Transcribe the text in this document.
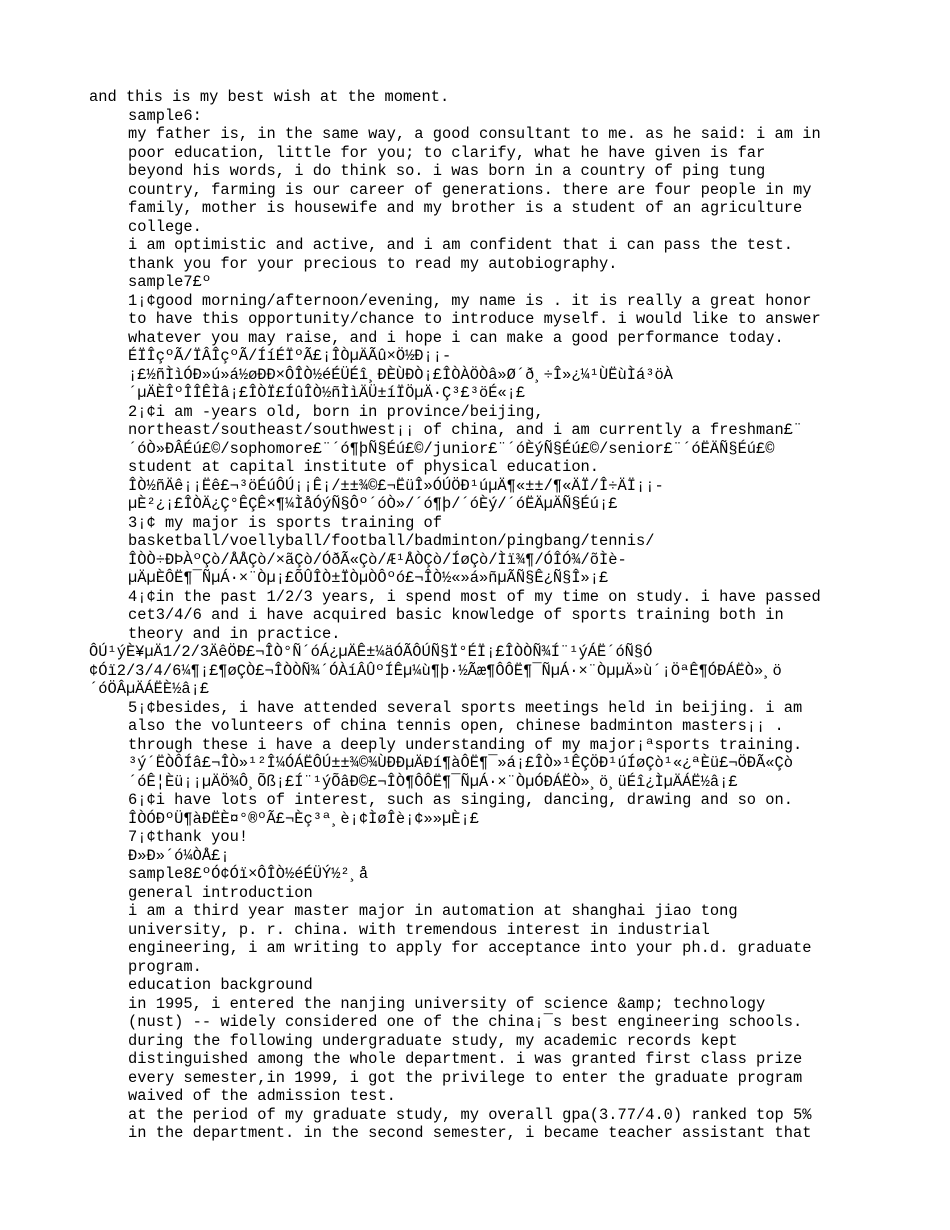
and this is my best wish at the moment.
sample6:
my father is, in the same way, a good consultant to me. as he said: i am in
poor education, little for you; to clarify, what he have given is far
beyond his words, i do think so. i was born in a country of ping tung
country, farming is our career of generations. there are four people in my
family, mother is housewife and my brother is a student of an agriculture
college.
i am optimistic and active, and i am confident that i can pass the test.
thank you for your precious to read my autobiography.
sample7£º
1¡¢good morning/afternoon/evening, my name is . it is really a great honor
to have this opportunity/chance to introduce myself. i would like to answer
whatever you may raise, and i hope i can make a good performance today.
ÉÏÎçºÃ/ÏÂÎçºÃ/ÍíÉÏºÃ£¡ÎÒµÄÃû×Ö½Ð¡¡-
¡£½ñÌìÓÐ»ú»á½øÐÐ×ÔÎÒ½éÉÜÉî¸ÐÈÙÐÒ¡£ÎÒÀÖÒâ»Ø´ð¸÷Î»¿¼¹ÙËùÌá³öÀ
´µÄÈÎºÎÎÊÌâ¡£ÎÒÏ£ÍûÎÒ½ñÌìÄÜ±íÏÖµÄ·Ç³£³öÉ«¡£
2¡¢i am -years old, born in province/beijing,
northeast/southeast/southwest¡¡ of china, and i am currently a freshman£¨
´óÒ»ÐÂÉú£©/sophomore£¨´ó¶þÑ§Éú£©/junior£¨´óÈýÑ§Éú£©/senior£¨´óËÄÑ§Éú£©
student at capital institute of physical education.
ÎÒ½ñÄê¡¡Ëê£¬³öÉúÔÚ¡¡Ê¡/±±¾©£¬ËüÎ»ÓÚÖÐ¹úµÄ¶«±±/¶«ÄÏ/Î÷ÄÏ¡¡-
µÈ²¿¡£ÎÒÄ¿Ç°ÊÇÊ×¶¼ÌåÓýÑ§Ôº´óÒ»/´ó¶þ/´óÈý/´óËÄµÄÑ§Éú¡£
3¡¢ my major is sports training of
basketball/voellyball/football/badminton/pingbang/tennis/
ÎÒÒ÷ÐÞÀºÇò/ÅÅÇò/×ãÇò/ÓðÃ«Çò/Æ¹ÅÒÇò/ÍøÇò/Ìï¾¶/ÓÎÓ¾/õÌè-
µÄµÈÔË¶¯ÑµÁ·×¨Òµ¡£ÕÛÎÒ±ÏÒµÒÔºó£¬ÎÒ½«»á»ñµÃÑ§Ê¿Ñ§Î»¡£
4¡¢in the past 1/2/3 years, i spend most of my time on study. i have passed
cet3/4/6 and i have acquired basic knowledge of sports training both in
theory and in practice.
ÔÚ¹ýÈ¥µÄ1/2/3ÄêÖÐ£¬ÎÒ°Ñ´óÁ¿µÄÊ±¼äÓÃÔÚÑ§Ï°ÉÏ¡£ÎÒÒÑ¾Í¨¹ýÁË´óÑ§Ó
¢Óï2/3/4/6¼¶¡£¶øÇÒ£¬ÎÒÒÑ¾´ÓÀíÂÛºÍÊµ¼ù¶þ·½Ãæ¶ÔÔË¶¯ÑµÁ·×¨ÒµµÄ»ù´¡ÖªÊ¶ÓÐÁËÒ»¸ö
´óÖÂµÄÁËÈ½â¡£
5¡¢besides, i have attended several sports meetings held in beijing. i am
also the volunteers of china tennis open, chinese badminton masters¡¡ .
through these i have a deeply understanding of my major¡ªsports training.
³ý´ËÒÔÍâ£¬ÎÒ»¹²Î¼ÓÁËÔÚ±±¾©¾ÙÐÐµÄÐí¶àÔË¶¯»á¡£ÎÒ»¹ÊÇÖÐ¹úÍøÇò¹«¿ªÈü£¬ÖÐÃ«Çò
´óÊ¦Èü¡¡µÄÖ¾Ô¸Õß¡£Í¨¹ýÕâÐ©£¬ÎÒ¶ÔÔË¶¯ÑµÁ·×¨ÒµÓÐÁËÒ»¸ö¸üÉî¿ÌµÄÁË½â¡£
6¡¢i have lots of interest, such as singing, dancing, drawing and so on.
ÎÒÓÐºÜ¶àÐËÈ¤°®ºÃ£¬Èç³ª¸è¡¢ÌøÎè¡¢»»µÈ¡£
7¡¢thank you!
Ð»Ð»´ó¼ÒÅ£¡
sample8£ºÓ¢Óï×ÔÎÒ½éÉÜÝ½²¸å
general introduction
i am a third year master major in automation at shanghai jiao tong
university, p. r. china. with tremendous interest in industrial
engineering, i am writing to apply for acceptance into your ph.d. graduate
program.
education background
in 1995, i entered the nanjing university of science &amp; technology
(nust) -- widely considered one of the china¡¯s best engineering schools.
during the following undergraduate study, my academic records kept
distinguished among the whole department. i was granted first class prize
every semester,in 1999, i got the privilege to enter the graduate program
waived of the admission test.
at the period of my graduate study, my overall gpa(3.77/4.0) ranked top 5%
in the department. in the second semester, i became teacher assistant that
